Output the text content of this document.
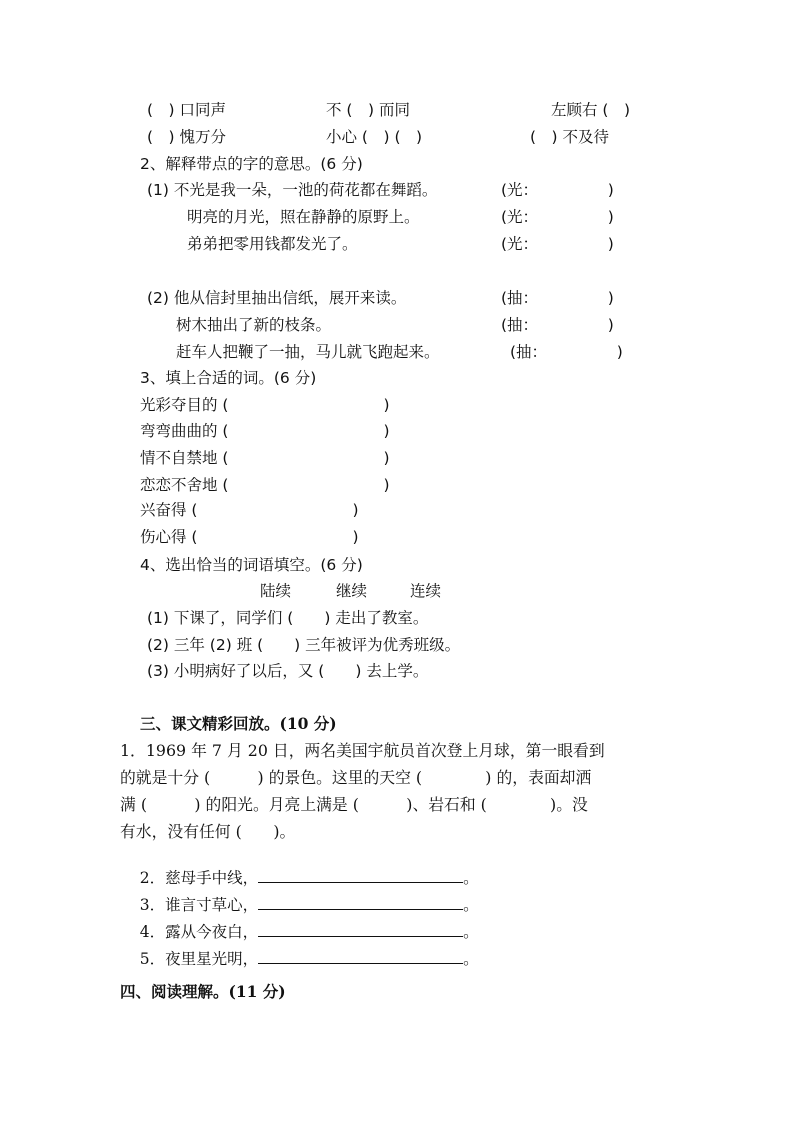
(　) 口同声	不 (　) 而同	左顾右 (　)
(　) 愧万分	小心 (　) (　)	(　) 不及待
2、解释带点的字的意思。(6 分)
(1) 不光是我一朵，一池的荷花都在舞蹈。	(光：　　　　　)
明亮的月光，照在静静的原野上。	(光：　　　　　)
弟弟把零用钱都发光了。	(光：　　　　　)
(2) 他从信封里抽出信纸，展开来读。	(抽：　　　　　)
树木抽出了新的枝条。	(抽：　　　　　)
赶车人把鞭了一抽，马儿就飞跑起来。	(抽：　　　　　)
3、填上合适的词。(6 分)
光彩夺目的 (　　　　　　　　　　)
弯弯曲曲的 (　　　　　　　　　　)
情不自禁地 (　　　　　　　　　　)
恋恋不舍地 (　　　　　　　　　　)
兴奋得 (　　　　　　　　　　)
伤心得 (　　　　　　　　　　)
4、选出恰当的词语填空。(6 分)
陆续	继续	连续
(1) 下课了，同学们 (　　) 走出了教室。
(2) 三年 (2) 班 (　　) 三年被评为优秀班级。
(3) 小明病好了以后，又 (　　) 去上学。
三、课文精彩回放。(10 分)
1．1969 年 7 月 20 日，两名美国宇航员首次登上月球，第一眼看到
的就是十分 (　　　) 的景色。这里的天空 (　　　　) 的，表面却洒
满 (　　　) 的阳光。月亮上满是 (　　　)、岩石和 (　　　　)。没
有水，没有任何 (　　)。

2．慈母手中线，	。

3．谁言寸草心，	。

4．露从今夜白，	。

5．夜里星光明，	。

四、阅读理解。(11 分)
